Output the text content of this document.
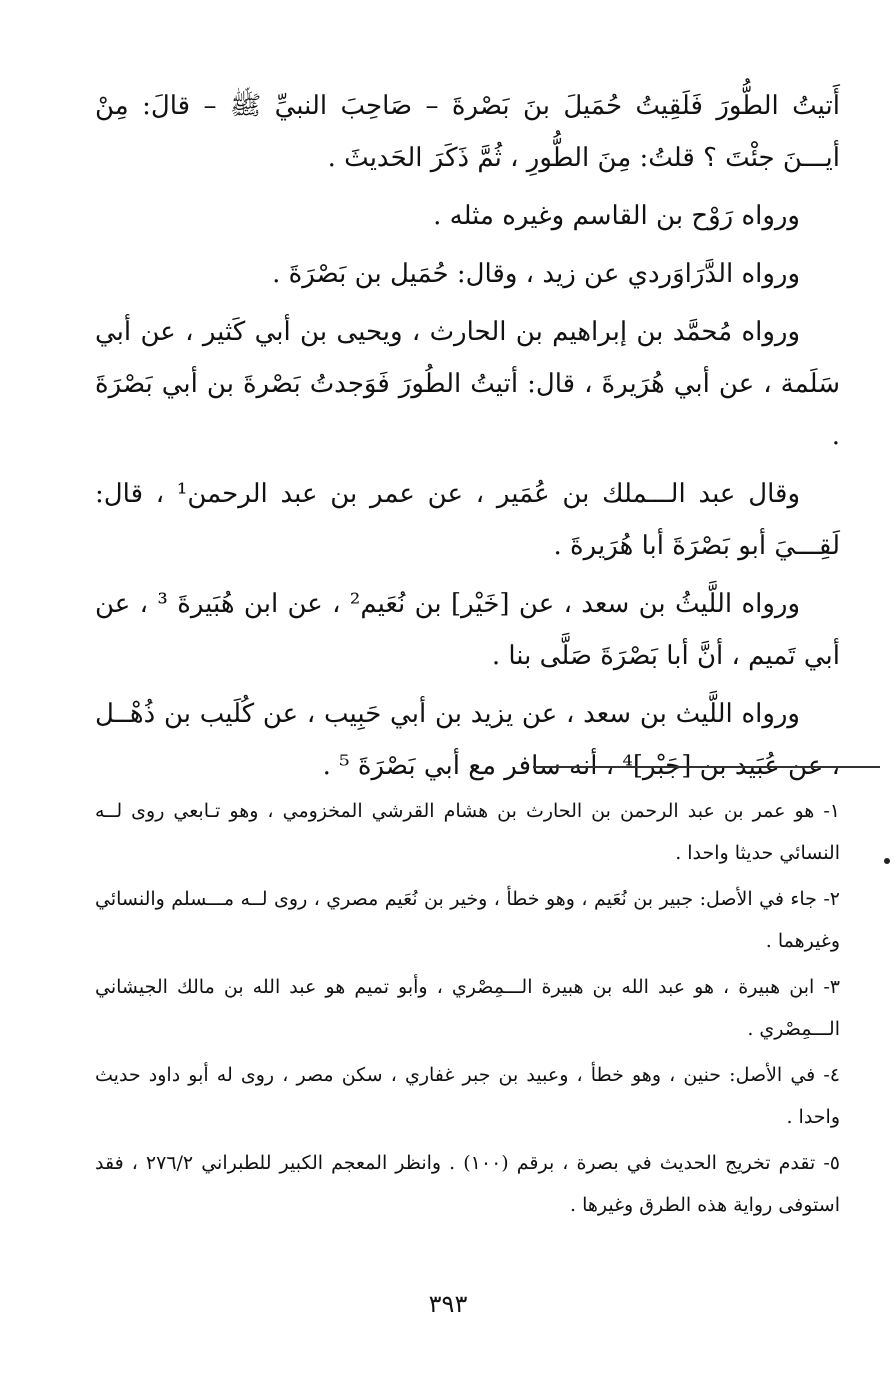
أَتيتُ الطُّورَ فَلَقِيتُ حُمَيلَ بنَ بَصْرةَ – صَاحِبَ النبيِّ ﷺ – قالَ: مِنْ أيـــنَ جئْتَ ؟ قلتُ: مِنَ الطُّورِ ، ثُمَّ ذَكَرَ الحَديثَ .

ورواه رَوْح بن القاسم وغيره مثله .

ورواه الدَّرَاوَردي عن زيد ، وقال: حُمَيل بن بَصْرَةَ .

ورواه مُحمَّد بن إبراهيم بن الحارث ، ويحيى بن أبي كَثير ، عن أبي سَلَمة ، عن أبي هُرَيرةَ ، قال: أتيتُ الطُورَ فَوَجدتُ بَصْرةَ بن أبي بَصْرَةَ .

وقال عبد الـــملك بن عُمَير ، عن عمر بن عبد الرحمن¹ ، قال: لَقِـــيَ أبو بَصْرَةَ أبا هُرَيرةَ .

ورواه اللَّيثُ بن سعد ، عن [خَيْر] بن نُعَيم² ، عن ابن هُبَيرةَ ³ ، عن أبي تَميم ، أنَّ أبا بَصْرَةَ صَلَّى بنا .

ورواه اللَّيث بن سعد ، عن يزيد بن أبي حَبِيب ، عن كُلَيب بن ذُهْــل ، عن عُبَيد بن [جَبْر]⁴ ، أنه سافر مع أبي بَصْرَةَ ⁵ .

١- هو عمر بن عبد الرحمن بن الحارث بن هشام القرشي المخزومي ، وهو تـابعي روى لــه النسائي حديثا واحدا .

٢- جاء في الأصل: جبير بن نُعَيم ، وهو خطأ ، وخير بن نُعَيم مصري ، روى لــه مـــسلم والنسائي وغيرهما .

٣- ابن هبيرة ، هو عبد الله بن هبيرة الـــمِصْري ، وأبو تميم هو عبد الله بن مالك الجيشاني الـــمِصْري .

٤- في الأصل: حنين ، وهو خطأ ، وعبيد بن جبر غفاري ، سكن مصر ، روى له أبو داود حديث واحدا .

٥- تقدم تخريج الحديث في بصرة ، برقم (١٠٠) . وانظر المعجم الكبير للطبراني ٢٧٦/٢ ، فقد استوفى رواية هذه الطرق وغيرها .

٣٩٣
